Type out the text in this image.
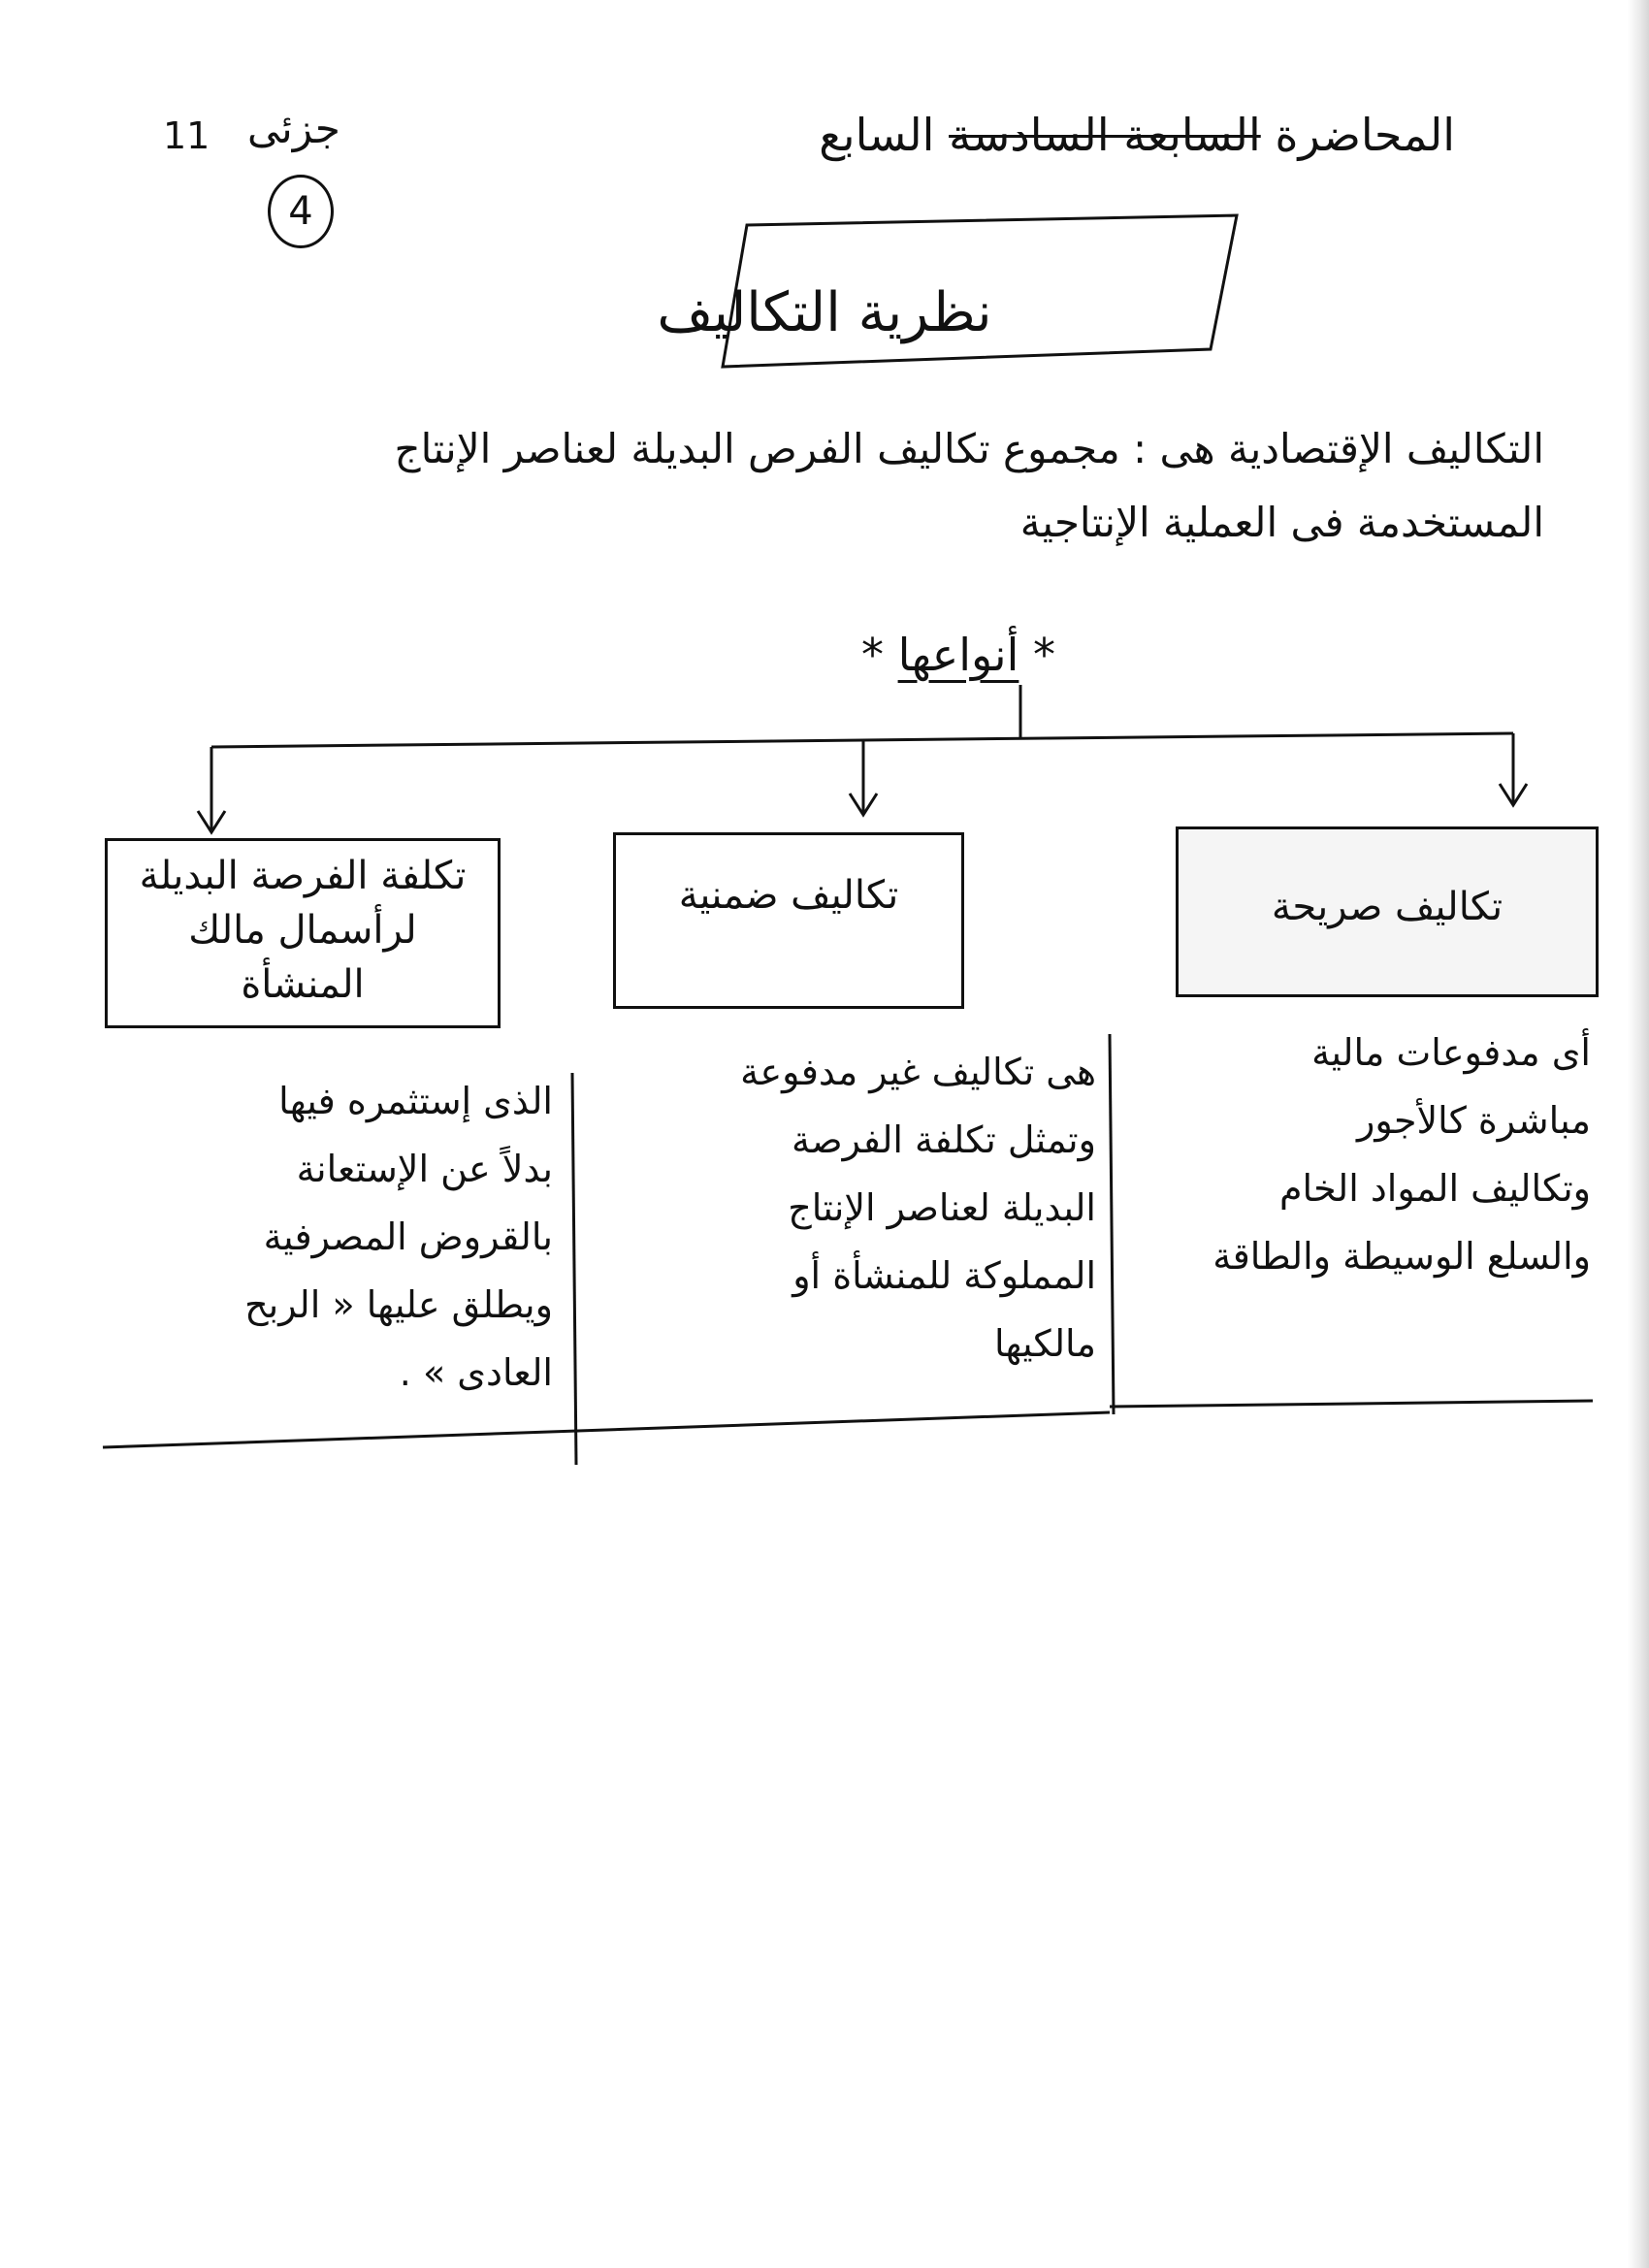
المحاضرة السابعة السادسة السابع
جزئى
11
4
نظرية التكاليف
التكاليف الإقتصادية هى : مجموع تكاليف الفرص البديلة لعناصر الإنتاج
المستخدمة فى العملية الإنتاجية
* أنواعها *
تكاليف صريحة
تكاليف ضمنية
تكلفة الفرصة البديلة
لرأسمال مالك
المنشأة
أى مدفوعات مالية
مباشرة كالأجور
وتكاليف المواد الخام
والسلع الوسيطة والطاقة
هى تكاليف غير مدفوعة
وتمثل تكلفة الفرصة
البديلة لعناصر الإنتاج
المملوكة للمنشأة أو
مالكيها
الذى إستثمره فيها
بدلاً عن الإستعانة
بالقروض المصرفية
ويطلق عليها « الربح
العادى » .
